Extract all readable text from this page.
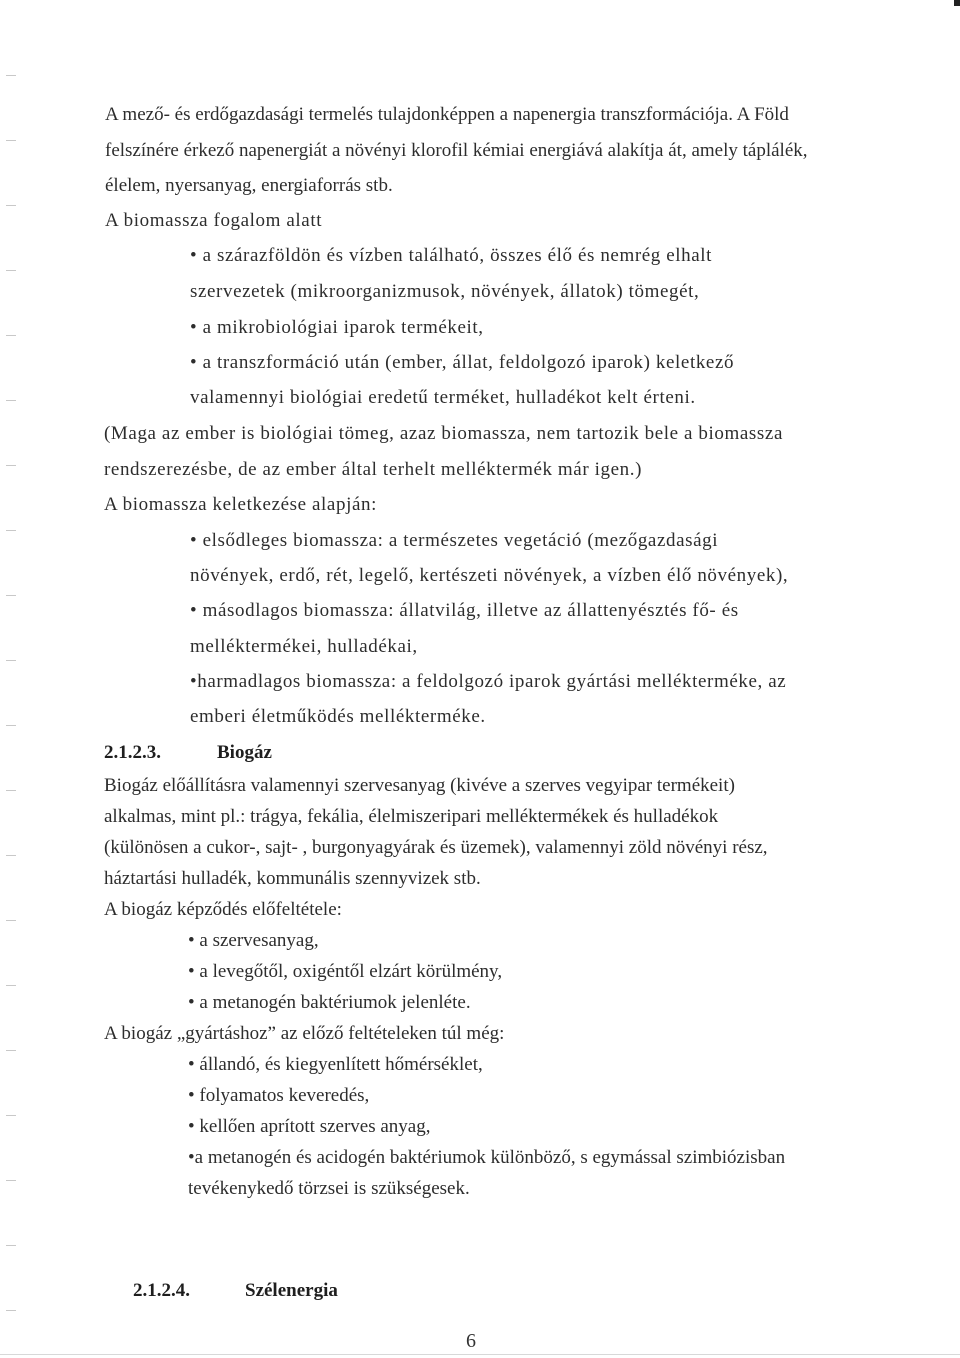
A mező- és erdőgazdasági termelés tulajdonképpen a napenergia transzformációja. A Föld
felszínére érkező napenergiát a növényi klorofil kémiai energiává alakítja át, amely táplálék,
élelem, nyersanyag, energiaforrás stb.
A biomassza fogalom alatt
• a szárazföldön és vízben található, összes élő és nemrég elhalt
szervezetek (mikroorganizmusok, növények, állatok) tömegét,
• a mikrobiológiai iparok termékeit,
• a transzformáció után (ember, állat, feldolgozó iparok) keletkező
valamennyi biológiai eredetű terméket, hulladékot kelt érteni.
(Maga az ember is biológiai tömeg, azaz biomassza, nem tartozik bele a biomassza
rendszerezésbe, de az ember által terhelt melléktermék már igen.)
A biomassza keletkezése alapján:
• elsődleges biomassza: a természetes vegetáció (mezőgazdasági
növények, erdő, rét, legelő, kertészeti növények, a vízben élő növények),
• másodlagos biomassza: állatvilág, illetve az állattenyésztés fő- és
melléktermékei, hulladékai,
•harmadlagos biomassza: a feldolgozó iparok gyártási mellékterméke, az
emberi életműködés mellékterméke.
2.1.2.3.	Biogáz
Biogáz előállításra valamennyi szervesanyag (kivéve a szerves vegyipar termékeit)
alkalmas, mint pl.: trágya, fekália, élelmiszeripari melléktermékek és hulladékok
(különösen a cukor-, sajt- , burgonyagyárak és üzemek), valamennyi zöld növényi rész,
háztartási hulladék, kommunális szennyvizek stb.
A biogáz képződés előfeltétele:
• a szervesanyag,
• a levegőtől, oxigéntől elzárt körülmény,
• a metanogén baktériumok jelenléte.
A biogáz „gyártáshoz” az előző feltételeken túl még:
• állandó, és kiegyenlített hőmérséklet,
• folyamatos keveredés,
• kellően aprított szerves anyag,
•a metanogén és acidogén baktériumok különböző, s egymással szimbiózisban
tevékenykedő törzsei is szükségesek.
2.1.2.4.	Szélenergia
6
